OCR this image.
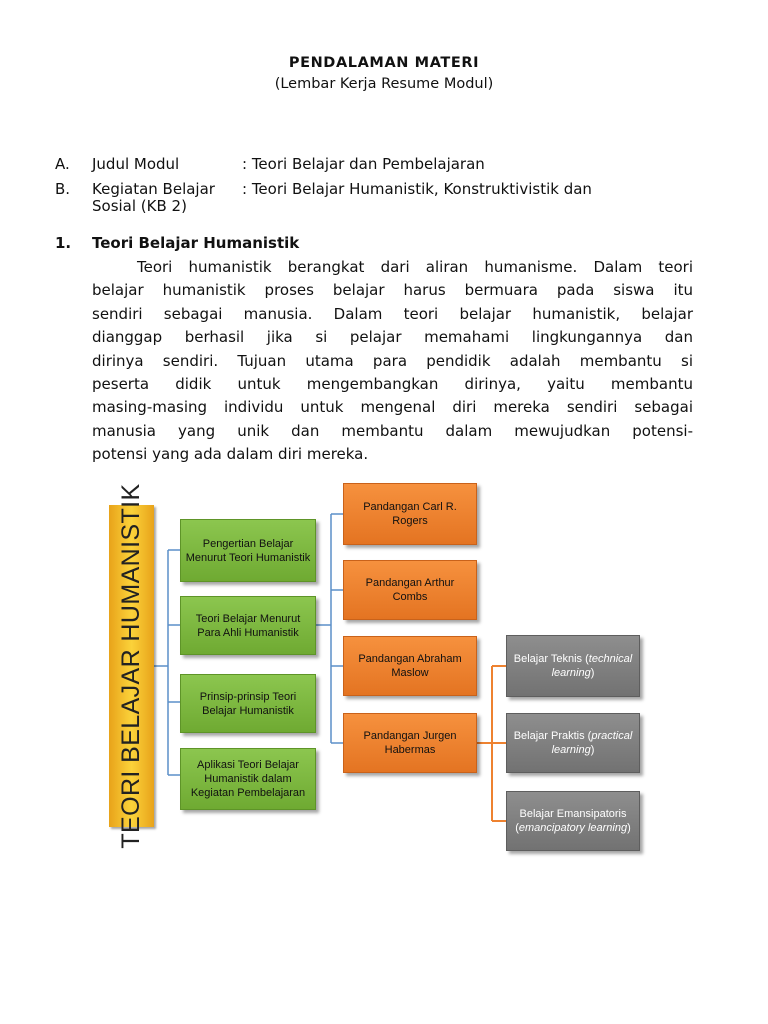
PENDALAMAN MATERI
(Lembar Kerja Resume Modul)
A. Judul Modul	: Teori Belajar dan Pembelajaran
B. Kegiatan Belajar : Teori Belajar Humanistik, Konstruktivistik dan
Sosial (KB 2)
1. Teori Belajar Humanistik
Teori humanistik berangkat dari aliran humanisme. Dalam teori
belajar humanistik proses belajar harus bermuara pada siswa itu
sendiri sebagai manusia. Dalam teori belajar humanistik, belajar
dianggap berhasil jika si pelajar memahami lingkungannya dan
dirinya sendiri. Tujuan utama para pendidik adalah membantu si
peserta didik untuk mengembangkan dirinya, yaitu membantu
masing-masing individu untuk mengenal diri mereka sendiri sebagai
manusia yang unik dan membantu dalam mewujudkan potensi-
potensi yang ada dalam diri mereka.
TEORI BELAJAR HUMANISTIK	Pengertian Belajar Menurut Teori Humanistik
Teori Belajar Menurut Para Ahli Humanistik
Prinsip-prinsip Teori Belajar Humanistik
Aplikasi Teori Belajar Humanistik dalam Kegiatan Pembelajaran
Pandangan Carl R. Rogers
Pandangan Arthur Combs
Pandangan Abraham Maslow
Pandangan Jurgen Habermas
Belajar Teknis (technical learning)
Belajar Praktis (practical learning)
Belajar Emansipatoris (emancipatory learning)
